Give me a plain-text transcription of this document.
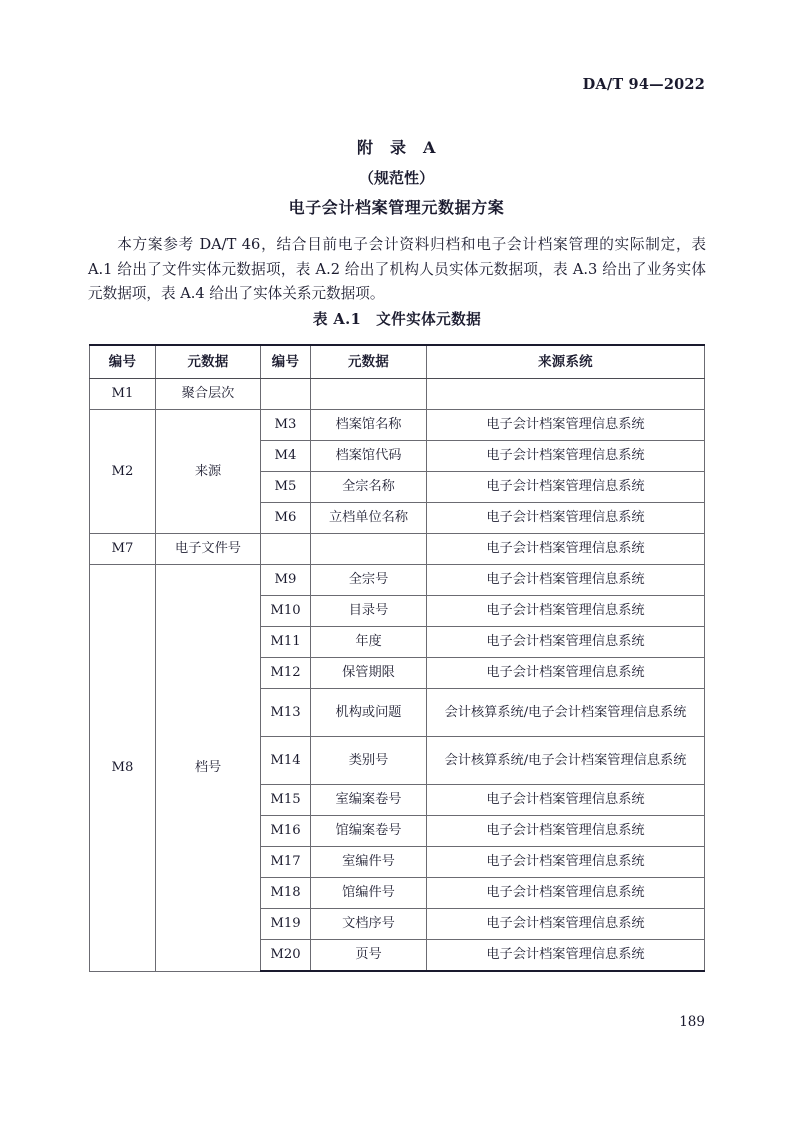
DA/T 94—2022
附　录　A
（规范性）
电子会计档案管理元数据方案
本方案参考 DA/T 46，结合目前电子会计资料归档和电子会计档案管理的实际制定，表 A.1 给出了文件实体元数据项，表 A.2 给出了机构人员实体元数据项，表 A.3 给出了业务实体元数据项，表 A.4 给出了实体关系元数据项。
表 A.1　文件实体元数据
编号	元数据	编号	元数据	来源系统
M1	聚合层次			
M2	来源	M3	档案馆名称	电子会计档案管理信息系统
		M4	档案馆代码	电子会计档案管理信息系统
		M5	全宗名称	电子会计档案管理信息系统
		M6	立档单位名称	电子会计档案管理信息系统
M7	电子文件号			电子会计档案管理信息系统
M8	档号	M9	全宗号	电子会计档案管理信息系统
		M10	目录号	电子会计档案管理信息系统
		M11	年度	电子会计档案管理信息系统
		M12	保管期限	电子会计档案管理信息系统
		M13	机构或问题	会计核算系统/电子会计档案管理信息系统
		M14	类别号	会计核算系统/电子会计档案管理信息系统
		M15	室编案卷号	电子会计档案管理信息系统
		M16	馆编案卷号	电子会计档案管理信息系统
		M17	室编件号	电子会计档案管理信息系统
		M18	馆编件号	电子会计档案管理信息系统
		M19	文档序号	电子会计档案管理信息系统
		M20	页号	电子会计档案管理信息系统
189
